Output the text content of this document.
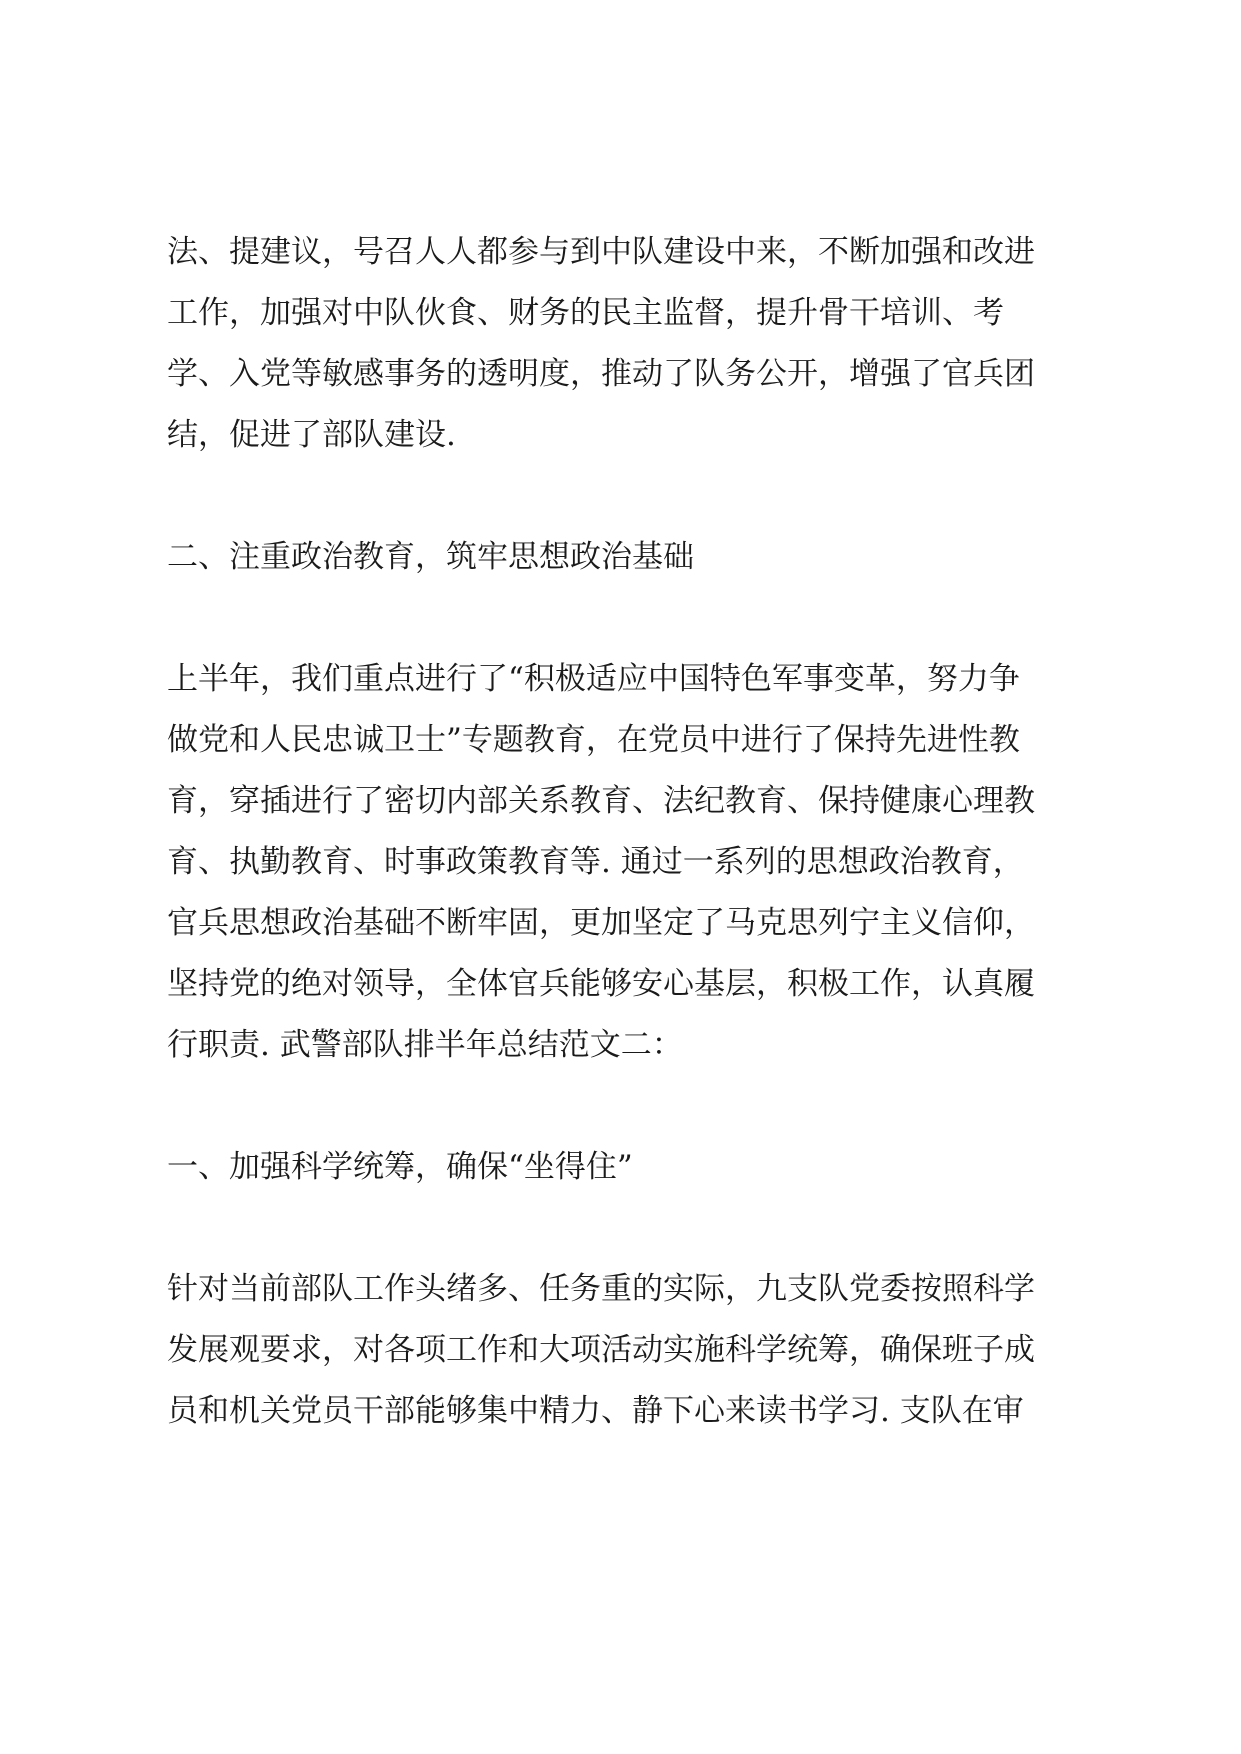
法、提建议，号召人人都参与到中队建设中来，不断加强和改进
工作，加强对中队伙食、财务的民主监督，提升骨干培训、考
学、入党等敏感事务的透明度，推动了队务公开，增强了官兵团
结，促进了部队建设.

二、注重政治教育，筑牢思想政治基础

上半年，我们重点进行了“积极适应中国特色军事变革，努力争
做党和人民忠诚卫士”专题教育，在党员中进行了保持先进性教
育，穿插进行了密切内部关系教育、法纪教育、保持健康心理教
育、执勤教育、时事政策教育等. 通过一系列的思想政治教育，
官兵思想政治基础不断牢固，更加坚定了马克思列宁主义信仰，
坚持党的绝对领导，全体官兵能够安心基层，积极工作，认真履
行职责. 武警部队排半年总结范文二：

一、加强科学统筹，确保“坐得住”

针对当前部队工作头绪多、任务重的实际，九支队党委按照科学
发展观要求，对各项工作和大项活动实施科学统筹，确保班子成
员和机关党员干部能够集中精力、静下心来读书学习. 支队在审
